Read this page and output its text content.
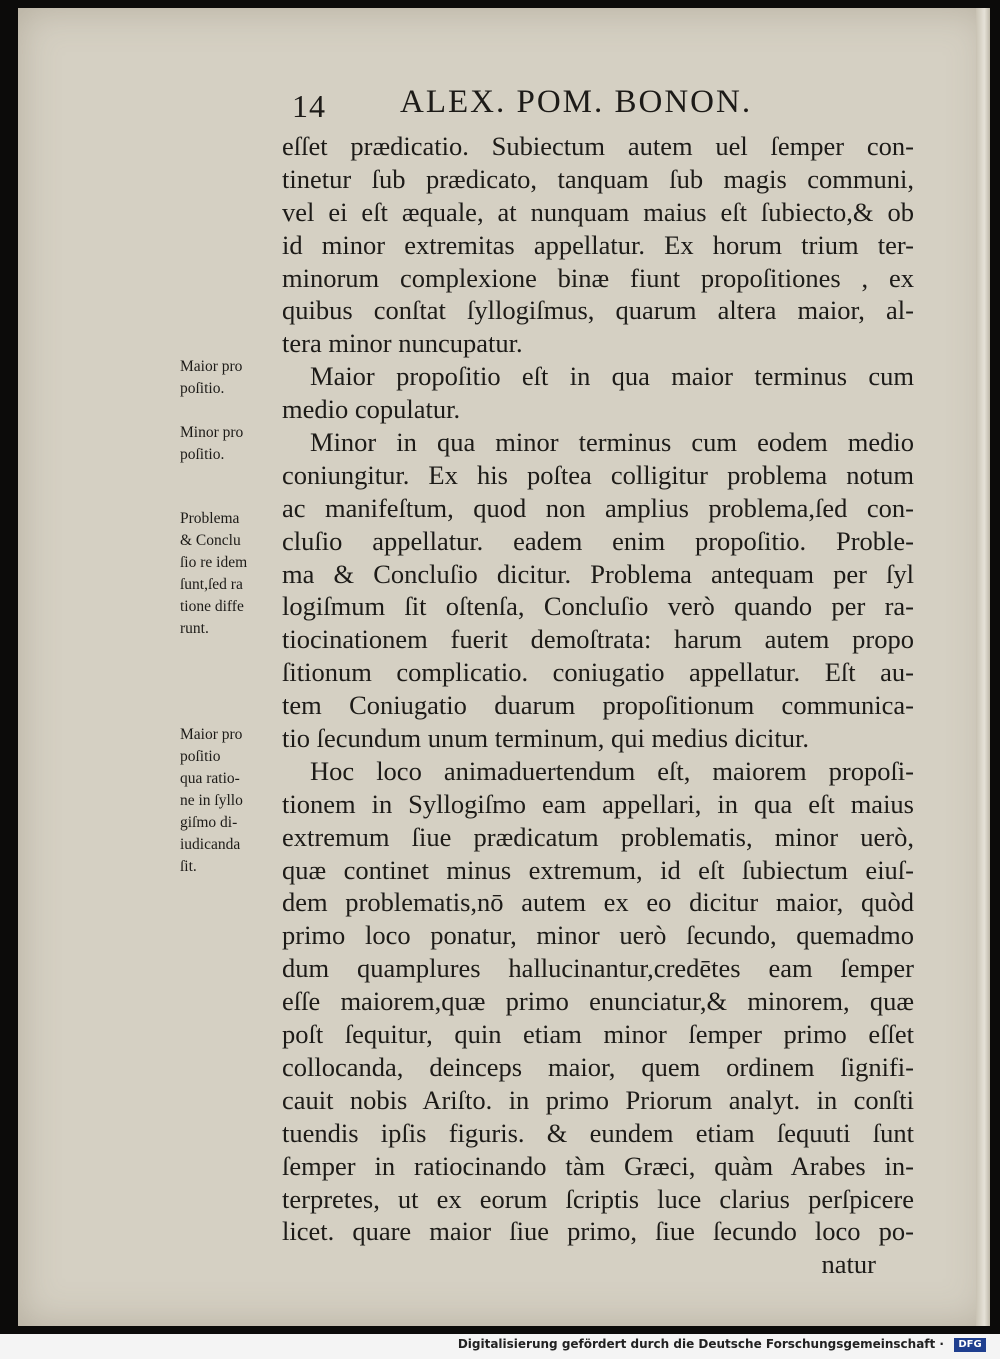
14 ALEX. POM. BONON.
eſſet prædicatio. Subiectum autem uel ſemper con-
tinetur ſub prædicato, tanquam ſub magis communi,
vel ei eſt æquale, at nunquam maius eſt ſubiecto,& ob
id minor extremitas appellatur. Ex horum trium ter-
minorum complexione binæ fiunt propoſitiones , ex
quibus conſtat ſyllogiſmus, quarum altera maior, al-
tera minor nuncupatur.
Maior propoſitio eſt in qua maior terminus cum
medio copulatur.
Minor in qua minor terminus cum eodem medio
coniungitur. Ex his poſtea colligitur problema notum
ac manifeſtum, quod non amplius problema,ſed con-
cluſio appellatur. eadem enim propoſitio. Proble-
ma & Concluſio dicitur. Problema antequam per ſyl
logiſmum ſit oſtenſa, Concluſio verò quando per ra-
tiocinationem fuerit demoſtrata: harum autem propo
ſitionum complicatio. coniugatio appellatur. Eſt au-
tem Coniugatio duarum propoſitionum communica-
tio ſecundum unum terminum, qui medius dicitur.
Hoc loco animaduertendum eſt, maiorem propoſi-
tionem in Syllogiſmo eam appellari, in qua eſt maius
extremum ſiue prædicatum problematis, minor uerò,
quæ continet minus extremum, id eſt ſubiectum eiuſ-
dem problematis,nō autem ex eo dicitur maior, quòd
primo loco ponatur, minor uerò ſecundo, quemadmo
dum quamplures hallucinantur,credētes eam ſemper
eſſe maiorem,quæ primo enunciatur,& minorem, quæ
poſt ſequitur, quin etiam minor ſemper primo eſſet
collocanda, deinceps maior, quem ordinem ſignifi-
cauit nobis Ariſto. in primo Priorum analyt. in conſti
tuendis ipſis figuris. & eundem etiam ſequuti ſunt
ſemper in ratiocinando tàm Græci, quàm Arabes in-
terpretes, ut ex eorum ſcriptis luce clarius perſpicere
licet. quare maior ſiue primo, ſiue ſecundo loco po-
natur
Maior pro
poſitio.
Minor pro
poſitio.
Problema
& Conclu
ſio re idem
ſunt,ſed ra
tione diffe
runt.
Maior pro
poſitio
qua ratio-
ne in ſyllo
giſmo di-
iudicanda
ſit.
Digitalisierung gefördert durch die Deutsche Forschungsgemeinschaft ·	DFG
